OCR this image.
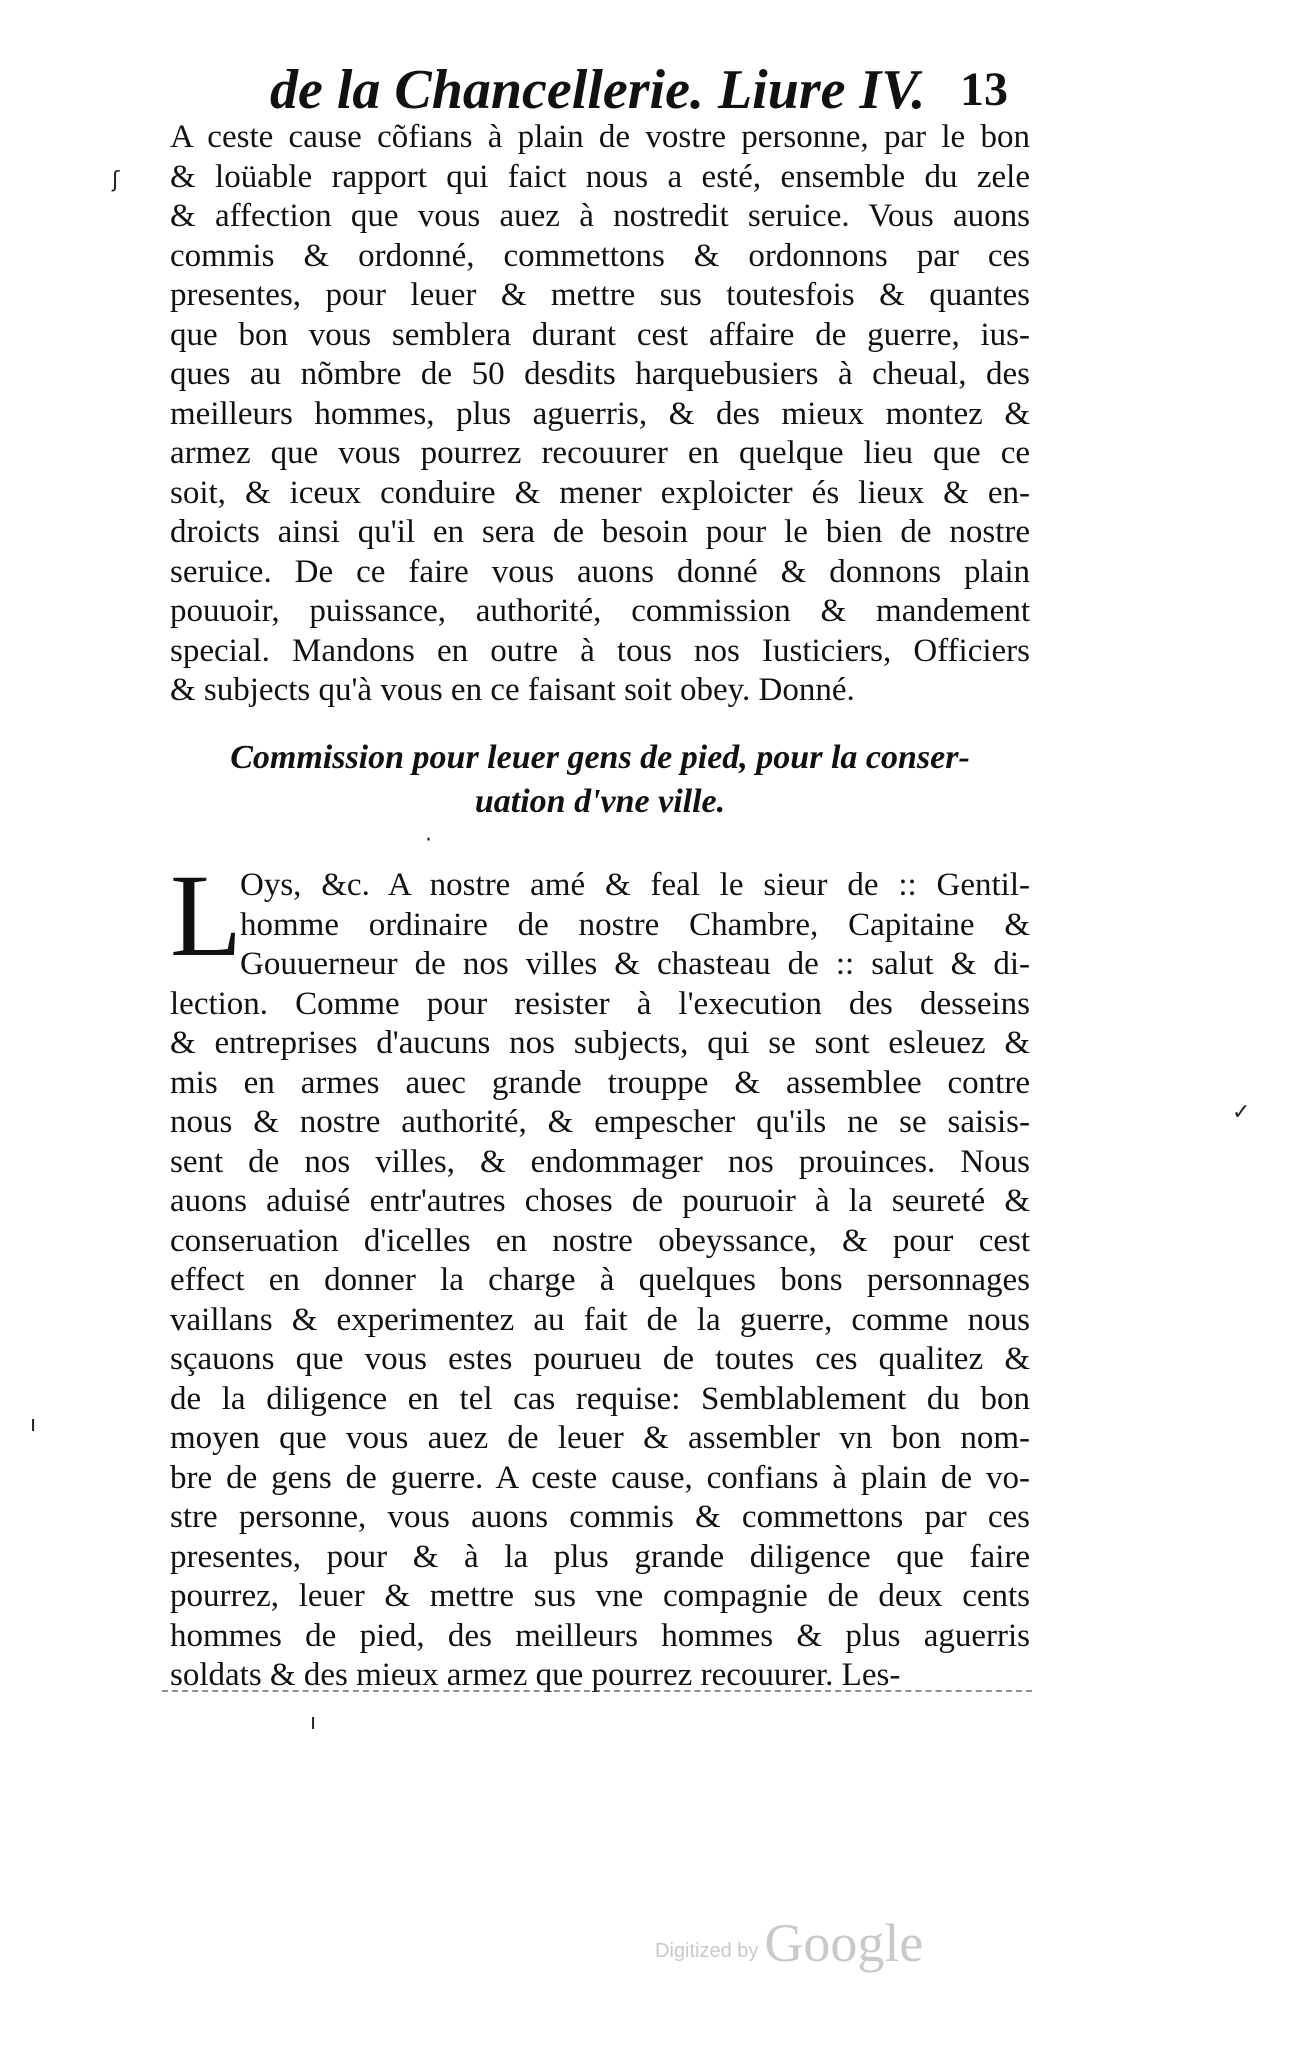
de la Chancellerie. Liure IV. 13
A ceste cause cõfians à plain de vostre personne, par le bon
& loüable rapport qui faict nous a esté, ensemble du zele
& affection que vous auez à nostredit seruice. Vous auons
commis & ordonné, commettons & ordonnons par ces
presentes, pour leuer & mettre sus toutesfois & quantes
que bon vous semblera durant cest affaire de guerre, ius-
ques au nõmbre de 50 desdits harquebusiers à cheual, des
meilleurs hommes, plus aguerris, & des mieux montez &
armez que vous pourrez recouurer en quelque lieu que ce
soit, & iceux conduire & mener exploicter és lieux & en-
droicts ainsi qu'il en sera de besoin pour le bien de nostre
seruice. De ce faire vous auons donné & donnons plain
pouuoir, puissance, authorité, commission & mandement
special. Mandons en outre à tous nos Iusticiers, Officiers
& subjects qu'à vous en ce faisant soit obey. Donné.
Commission pour leuer gens de pied, pour la conser-
uation d'vne ville.
L
Oys, &c. A nostre amé & feal le sieur de :: Gentil-
homme ordinaire de nostre Chambre, Capitaine &
Gouuerneur de nos villes & chasteau de :: salut & di-
lection. Comme pour resister à l'execution des desseins
& entreprises d'aucuns nos subjects, qui se sont esleuez &
mis en armes auec grande trouppe & assemblee contre
nous & nostre authorité, & empescher qu'ils ne se saisis-
sent de nos villes, & endommager nos prouinces. Nous
auons aduisé entr'autres choses de pouruoir à la seureté &
conseruation d'icelles en nostre obeyssance, & pour cest
effect en donner la charge à quelques bons personnages
vaillans & experimentez au fait de la guerre, comme nous
sçauons que vous estes pourueu de toutes ces qualitez &
de la diligence en tel cas requise: Semblablement du bon
moyen que vous auez de leuer & assembler vn bon nom-
bre de gens de guerre. A ceste cause, confians à plain de vo-
stre personne, vous auons commis & commettons par ces
presentes, pour & à la plus grande diligence que faire
pourrez, leuer & mettre sus vne compagnie de deux cents
hommes de pied, des meilleurs hommes & plus aguerris
soldats & des mieux armez que pourrez recouurer. Les-
ʃ
ı
✓
·
ı
Digitized by Google
